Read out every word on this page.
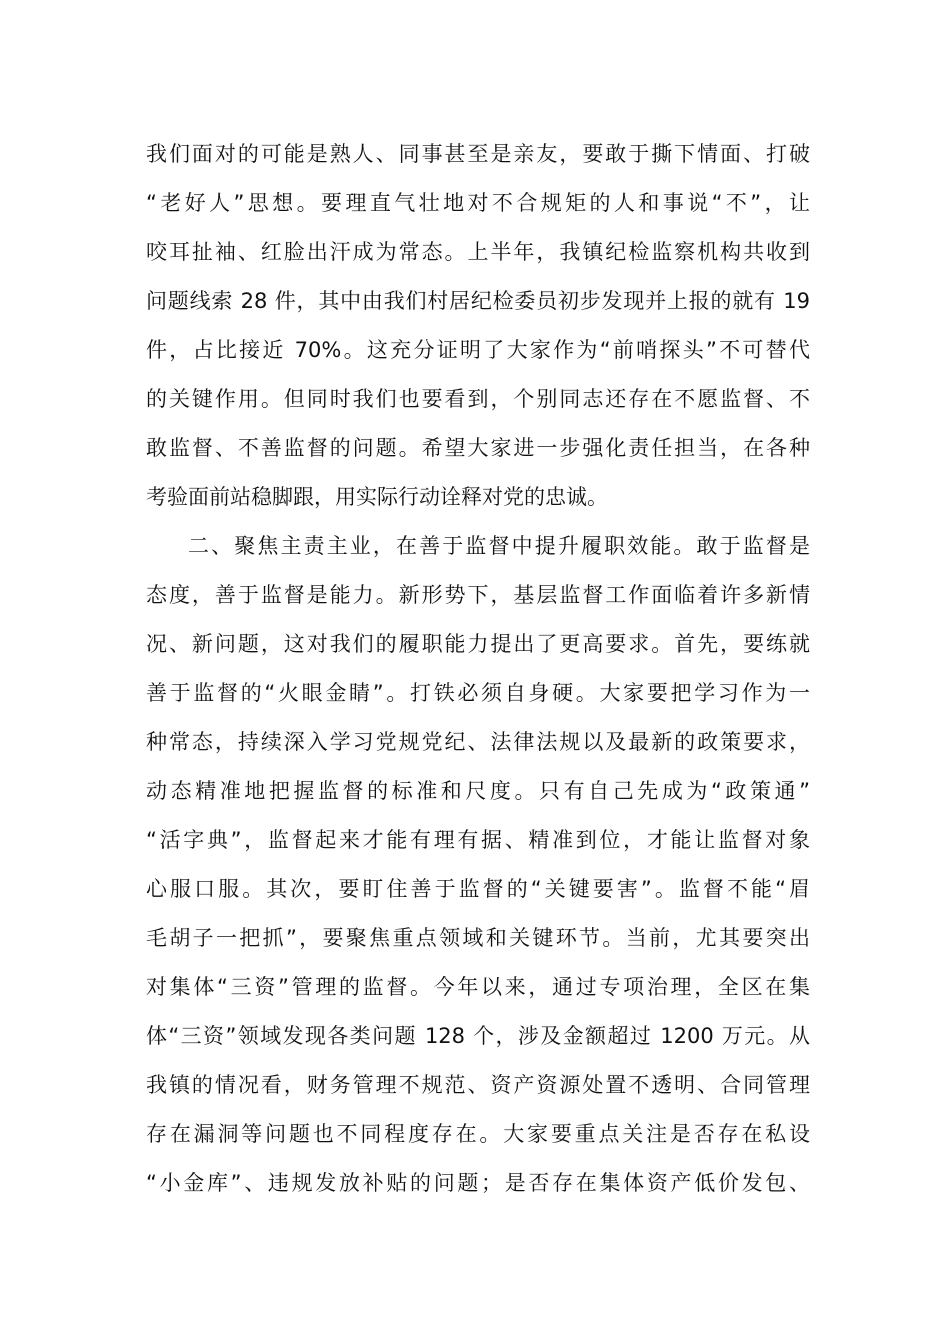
我们面对的可能是熟人、同事甚至是亲友，要敢于撕下情面、打破
“老好人”思想。要理直气壮地对不合规矩的人和事说“不”，让
咬耳扯袖、红脸出汗成为常态。上半年，我镇纪检监察机构共收到
问题线索 28 件，其中由我们村居纪检委员初步发现并上报的就有 19
件，占比接近 70%。这充分证明了大家作为“前哨探头”不可替代
的关键作用。但同时我们也要看到，个别同志还存在不愿监督、不
敢监督、不善监督的问题。希望大家进一步强化责任担当，在各种
考验面前站稳脚跟，用实际行动诠释对党的忠诚。
二、聚焦主责主业，在善于监督中提升履职效能。敢于监督是
态度，善于监督是能力。新形势下，基层监督工作面临着许多新情
况、新问题，这对我们的履职能力提出了更高要求。首先，要练就
善于监督的“火眼金睛”。打铁必须自身硬。大家要把学习作为一
种常态，持续深入学习党规党纪、法律法规以及最新的政策要求，
动态精准地把握监督的标准和尺度。只有自己先成为“政策通”
“活字典”，监督起来才能有理有据、精准到位，才能让监督对象
心服口服。其次，要盯住善于监督的“关键要害”。监督不能“眉
毛胡子一把抓”，要聚焦重点领域和关键环节。当前，尤其要突出
对集体“三资”管理的监督。今年以来，通过专项治理，全区在集
体“三资”领域发现各类问题 128 个，涉及金额超过 1200 万元。从
我镇的情况看，财务管理不规范、资产资源处置不透明、合同管理
存在漏洞等问题也不同程度存在。大家要重点关注是否存在私设
“小金库”、违规发放补贴的问题；是否存在集体资产低价发包、
